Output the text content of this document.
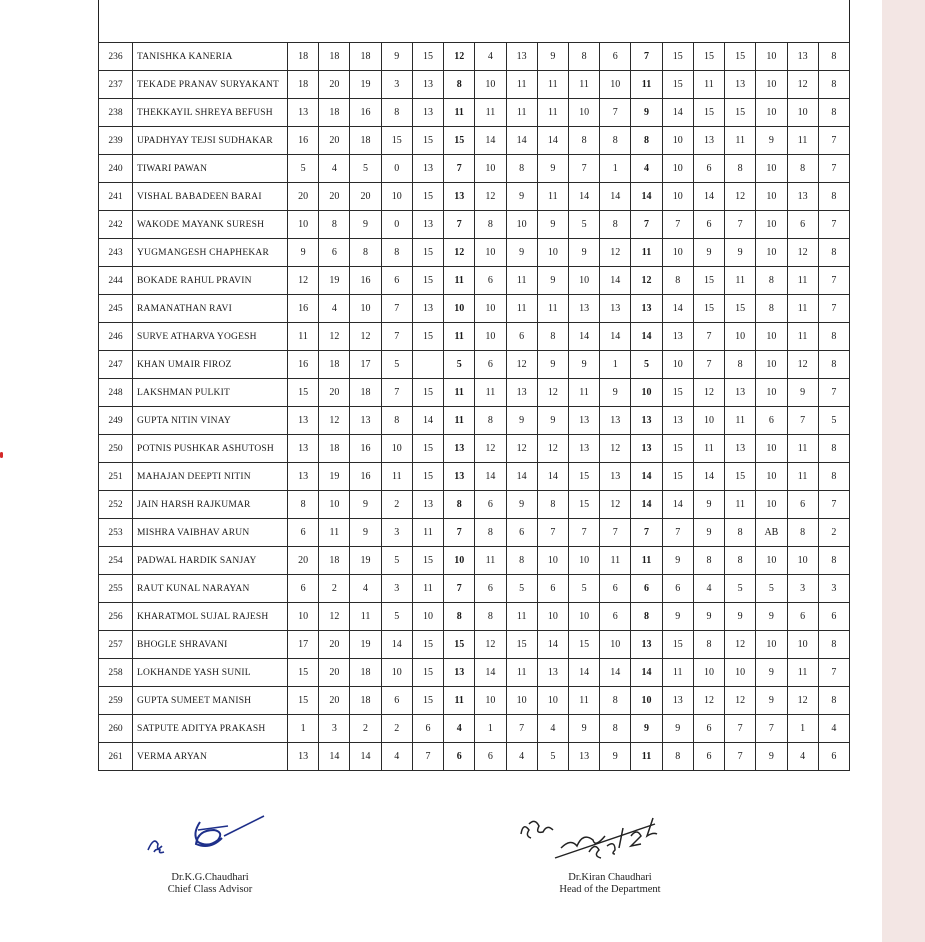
236	TANISHKA KANERIA	18	18	18	9	15	12	4	13	9	8	6	7	15	15	15	10	13	8
237	TEKADE PRANAV SURYAKANT	18	20	19	3	13	8	10	11	11	11	10	11	15	11	13	10	12	8
238	THEKKAYIL SHREYA BEFUSH	13	18	16	8	13	11	11	11	11	10	7	9	14	15	15	10	10	8
239	UPADHYAY TEJSI SUDHAKAR	16	20	18	15	15	15	14	14	14	8	8	8	10	13	11	9	11	7
240	TIWARI PAWAN	5	4	5	0	13	7	10	8	9	7	1	4	10	6	8	10	8	7
241	VISHAL BABADEEN BARAI	20	20	20	10	15	13	12	9	11	14	14	14	10	14	12	10	13	8
242	WAKODE MAYANK SURESH	10	8	9	0	13	7	8	10	9	5	8	7	7	6	7	10	6	7
243	YUGMANGESH CHAPHEKAR	9	6	8	8	15	12	10	9	10	9	12	11	10	9	9	10	12	8
244	BOKADE RAHUL PRAVIN	12	19	16	6	15	11	6	11	9	10	14	12	8	15	11	8	11	7
245	RAMANATHAN RAVI	16	4	10	7	13	10	10	11	11	13	13	13	14	15	15	8	11	7
246	SURVE ATHARVA YOGESH	11	12	12	7	15	11	10	6	8	14	14	14	13	7	10	10	11	8
247	KHAN UMAIR FIROZ	16	18	17	5		5	6	12	9	9	1	5	10	7	8	10	12	8
248	LAKSHMAN PULKIT	15	20	18	7	15	11	11	13	12	11	9	10	15	12	13	10	9	7
249	GUPTA NITIN VINAY	13	12	13	8	14	11	8	9	9	13	13	13	13	10	11	6	7	5
250	POTNIS PUSHKAR ASHUTOSH	13	18	16	10	15	13	12	12	12	13	12	13	15	11	13	10	11	8
251	MAHAJAN DEEPTI NITIN	13	19	16	11	15	13	14	14	14	15	13	14	15	14	15	10	11	8
252	JAIN HARSH RAJKUMAR	8	10	9	2	13	8	6	9	8	15	12	14	14	9	11	10	6	7
253	MISHRA VAIBHAV ARUN	6	11	9	3	11	7	8	6	7	7	7	7	7	9	8	AB	8	2
254	PADWAL HARDIK SANJAY	20	18	19	5	15	10	11	8	10	10	11	11	9	8	8	10	10	8
255	RAUT KUNAL NARAYAN	6	2	4	3	11	7	6	5	6	5	6	6	6	4	5	5	3	3
256	KHARATMOL SUJAL RAJESH	10	12	11	5	10	8	8	11	10	10	6	8	9	9	9	9	6	6
257	BHOGLE SHRAVANI	17	20	19	14	15	15	12	15	14	15	10	13	15	8	12	10	10	8
258	LOKHANDE YASH SUNIL	15	20	18	10	15	13	14	11	13	14	14	14	11	10	10	9	11	7
259	GUPTA SUMEET MANISH	15	20	18	6	15	11	10	10	10	11	8	10	13	12	12	9	12	8
260	SATPUTE ADITYA PRAKASH	1	3	2	2	6	4	1	7	4	9	8	9	9	6	7	7	1	4
261	VERMA ARYAN	13	14	14	4	7	6	6	4	5	13	9	11	8	6	7	9	4	6
Dr.K.G.Chaudhari
Chief Class Advisor
Dr.Kiran Chaudhari
Head of the Department
